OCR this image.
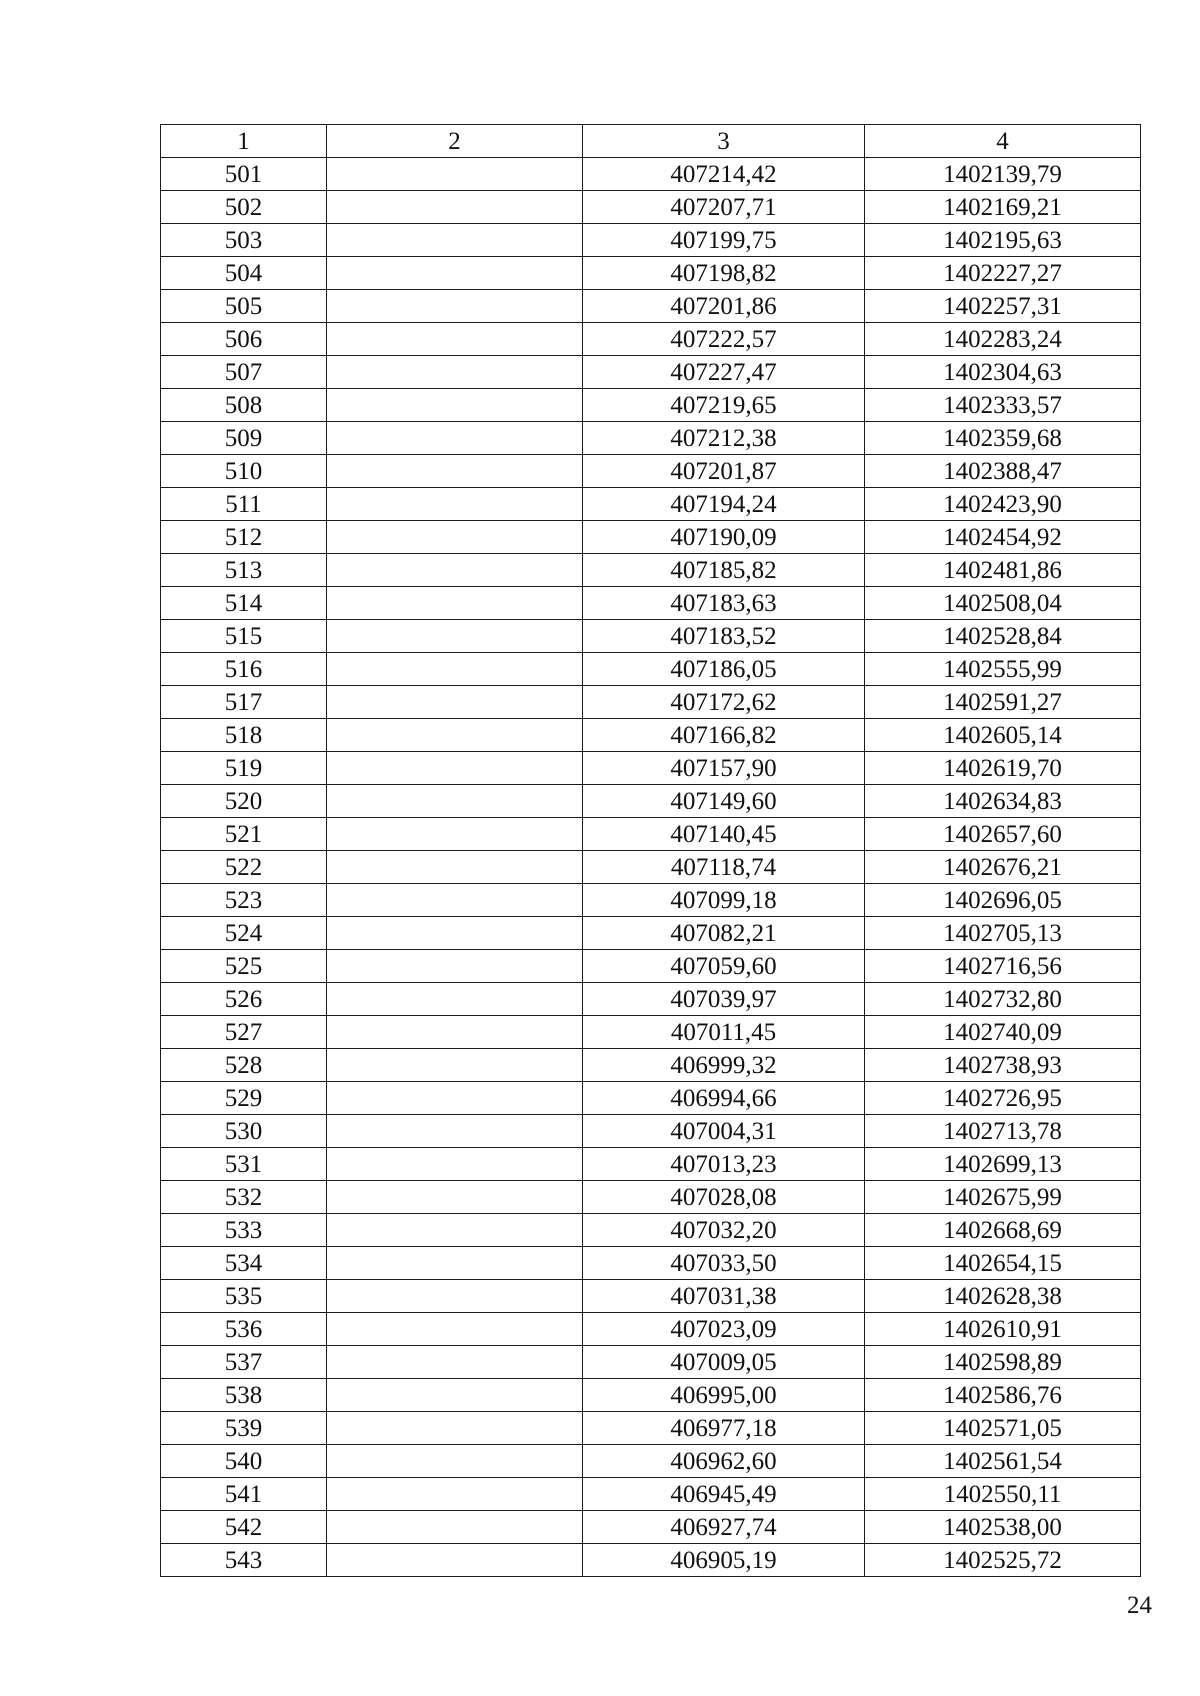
1	2	3	4
501		407214,42	1402139,79
502		407207,71	1402169,21
503		407199,75	1402195,63
504		407198,82	1402227,27
505		407201,86	1402257,31
506		407222,57	1402283,24
507		407227,47	1402304,63
508		407219,65	1402333,57
509		407212,38	1402359,68
510		407201,87	1402388,47
511		407194,24	1402423,90
512		407190,09	1402454,92
513		407185,82	1402481,86
514		407183,63	1402508,04
515		407183,52	1402528,84
516		407186,05	1402555,99
517		407172,62	1402591,27
518		407166,82	1402605,14
519		407157,90	1402619,70
520		407149,60	1402634,83
521		407140,45	1402657,60
522		407118,74	1402676,21
523		407099,18	1402696,05
524		407082,21	1402705,13
525		407059,60	1402716,56
526		407039,97	1402732,80
527		407011,45	1402740,09
528		406999,32	1402738,93
529		406994,66	1402726,95
530		407004,31	1402713,78
531		407013,23	1402699,13
532		407028,08	1402675,99
533		407032,20	1402668,69
534		407033,50	1402654,15
535		407031,38	1402628,38
536		407023,09	1402610,91
537		407009,05	1402598,89
538		406995,00	1402586,76
539		406977,18	1402571,05
540		406962,60	1402561,54
541		406945,49	1402550,11
542		406927,74	1402538,00
543		406905,19	1402525,72
24
